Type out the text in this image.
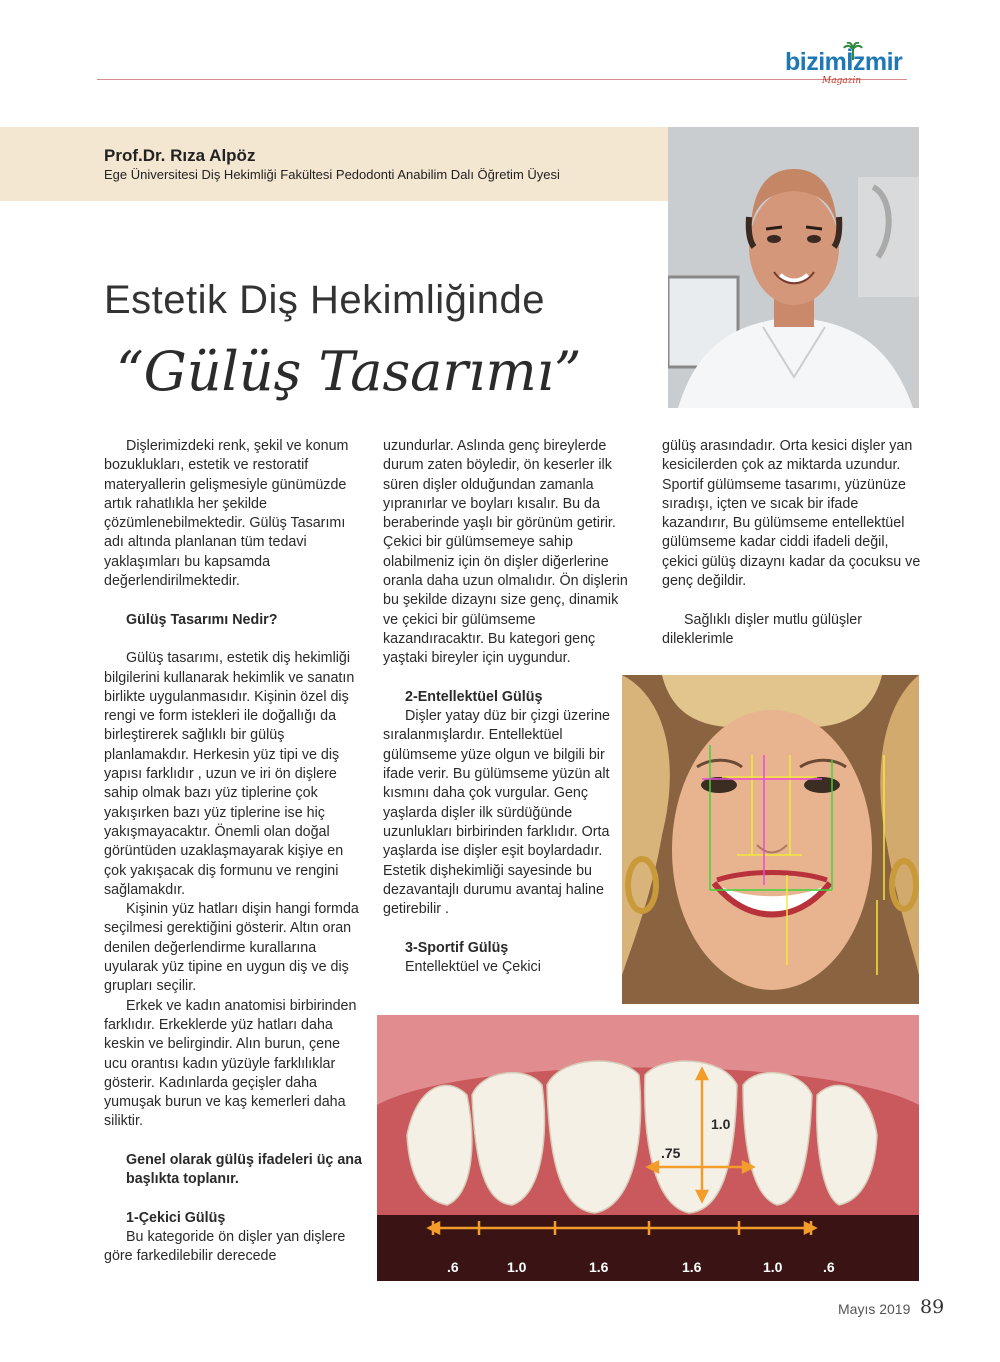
bizimİzmir
Magazin
Prof.Dr. Rıza Alpöz
Ege Üniversitesi Diş Hekimliği Fakültesi Pedodonti Anabilim Dalı Öğretim Üyesi
Estetik Diş Hekimliğinde
“Gülüş Tasarımı”

Dişlerimizdeki renk, şekil ve konum bozuklukları, estetik ve restoratif materyallerin gelişmesiyle günümüzde artık rahatlıkla her şekilde çözümlenebilmektedir. Gülüş Tasarımı adı altında planlanan tüm tedavi yaklaşımları bu kapsamda değerlendirilmektedir.

Gülüş Tasarımı Nedir?

Gülüş tasarımı, estetik diş hekimliği bilgilerini kullanarak hekimlik ve sanatın birlikte uygulanmasıdır. Kişinin özel diş rengi ve form istekleri ile doğallığı da birleştirerek sağlıklı bir gülüş planlamakdır. Herkesin yüz tipi ve diş yapısı farklıdır , uzun ve iri ön dişlere sahip olmak bazı yüz tiplerine çok yakışırken bazı yüz tiplerine ise hiç yakışmayacaktır. Önemli olan doğal görüntüden uzaklaşmayarak kişiye en çok yakışacak diş formunu ve rengini sağlamakdır.

Kişinin yüz hatları dişin hangi formda seçilmesi gerektiğini gösterir. Altın oran denilen değerlendirme kurallarına uyularak yüz tipine en uygun diş ve diş grupları seçilir.

Erkek ve kadın anatomisi birbirinden farklıdır. Erkeklerde yüz hatları daha keskin ve belirgindir. Alın burun, çene ucu orantısı kadın yüzüyle farklılıklar gösterir. Kadınlarda geçişler daha yumuşak burun ve kaş kemerleri daha siliktir.

Genel olarak gülüş ifadeleri üç ana başlıkta toplanır.

1-Çekici Gülüş

Bu kategoride ön dişler yan dişlere göre farkedilebilir derecede

uzundurlar. Aslında genç bireylerde durum zaten böyledir, ön keserler ilk süren dişler olduğundan zamanla yıpranırlar ve boyları kısalır. Bu da beraberinde yaşlı bir görünüm getirir. Çekici bir gülümsemeye sahip olabilmeniz için ön dişler diğerlerine oranla daha uzun olmalıdır. Ön dişlerin bu şekilde dizaynı size genç, dinamik ve çekici bir gülümseme kazandıracaktır. Bu kategori genç yaştaki bireyler için uygundur.

2-Entellektüel Gülüş

Dişler yatay düz bir çizgi üzerine sıralanmışlardır. Entellektüel gülümseme yüze olgun ve bilgili bir ifade verir. Bu gülümseme yüzün alt kısmını daha çok vurgular. Genç yaşlarda dişler ilk sürdüğünde uzunlukları birbirinden farklıdır. Orta yaşlarda ise dişler eşit boylardadır. Estetik dişhekimliği sayesinde bu dezavantajlı durumu avantaj haline getirebilir .

3-Sportif Gülüş

Entellektüel ve Çekici

gülüş arasındadır. Orta kesici dişler yan kesicilerden çok az miktarda uzundur. Sportif gülümseme tasarımı, yüzünüze sıradışı, içten ve sıcak bir ifade kazandırır, Bu gülümseme entellektüel gülümseme kadar ciddi ifadeli değil, çekici gülüş dizaynı kadar da çocuksu ve genç değildir.

Sağlıklı dişler mutlu gülüşler dileklerimle

1.0
.75
.6	1.0	1.6	1.6	1.0	.6
Mayıs 2019 89
